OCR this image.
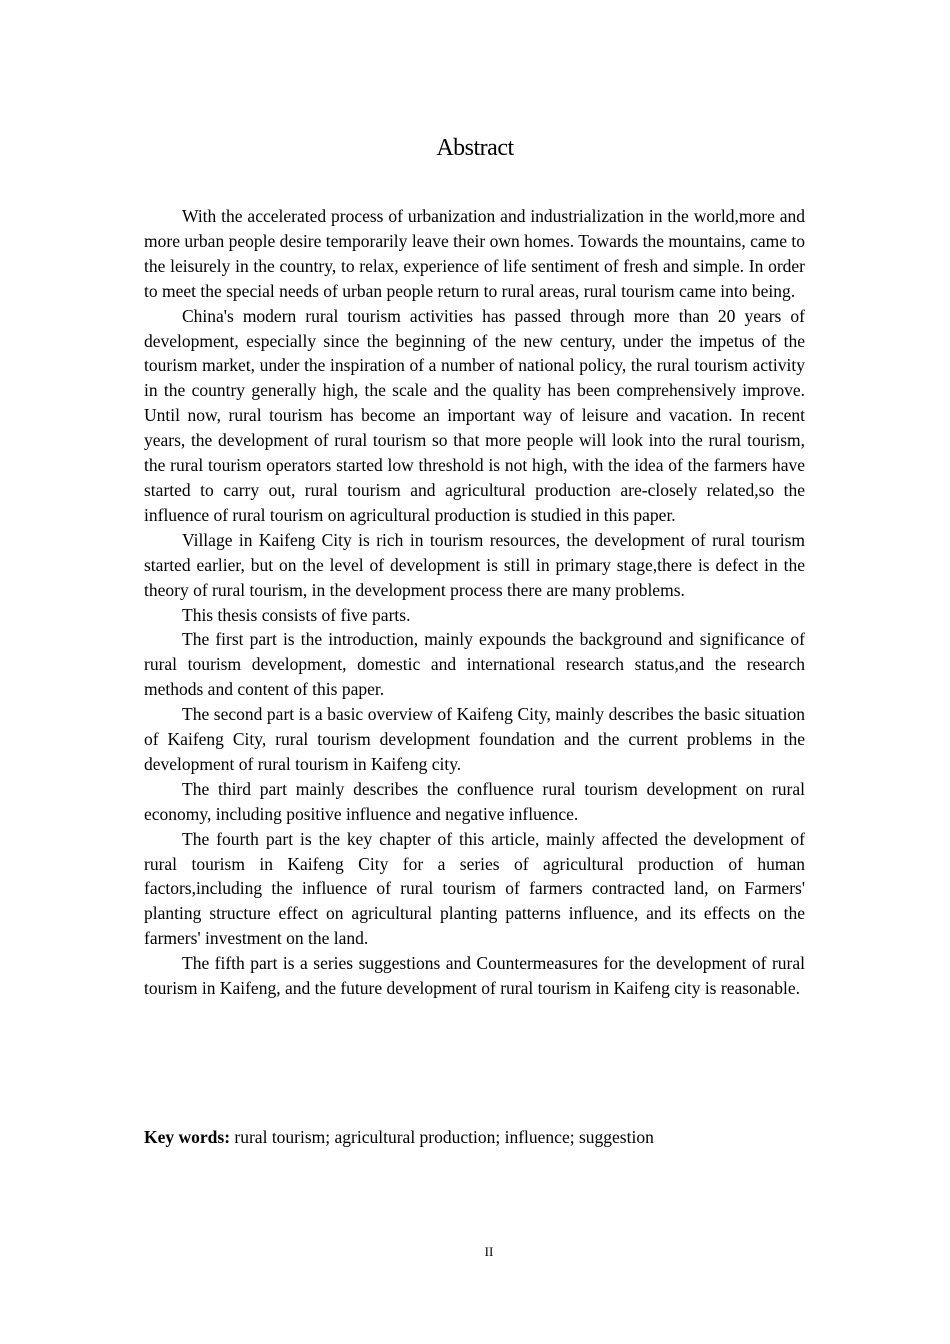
Abstract

With the accelerated process of urbanization and industrialization in the world,more and more urban people desire temporarily leave their own homes. Towards the mountains, came to the leisurely in the country, to relax, experience of life sentiment of fresh and simple. In order to meet the special needs of urban people return to rural areas, rural tourism came into being.

China's modern rural tourism activities has passed through more than 20 years of development, especially since the beginning of the new century, under the impetus of the tourism market, under the inspiration of a number of national policy, the rural tourism activity in the country generally high, the scale and the quality has been comprehensively improve. Until now, rural tourism has become an important way of leisure and vacation. In recent years, the development of rural tourism so that more people will look into the rural tourism, the rural tourism operators started low threshold is not high, with the idea of the farmers have started to carry out, rural tourism and agricultural production are-closely related,so the influence of rural tourism on agricultural production is studied in this paper.

Village in Kaifeng City is rich in tourism resources, the development of rural tourism started earlier, but on the level of development is still in primary stage,there is defect in the theory of rural tourism, in the development process there are many problems.

This thesis consists of five parts.

The first part is the introduction, mainly expounds the background and significance of rural tourism development, domestic and international research status,and the research methods and content of this paper.

The second part is a basic overview of Kaifeng City, mainly describes the basic situation of Kaifeng City, rural tourism development foundation and the current problems in the development of rural tourism in Kaifeng city.

The third part mainly describes the confluence rural tourism development on rural economy, including positive influence and negative influence.

The fourth part is the key chapter of this article, mainly affected the development of rural tourism in Kaifeng City for a series of agricultural production of human factors,including the influence of rural tourism of farmers contracted land, on Farmers' planting structure effect on agricultural planting patterns influence, and its effects on the farmers' investment on the land.

The fifth part is a series suggestions and Countermeasures for the development of rural tourism in Kaifeng, and the future development of rural tourism in Kaifeng city is reasonable.

Key words: rural tourism; agricultural production; influence; suggestion

II
